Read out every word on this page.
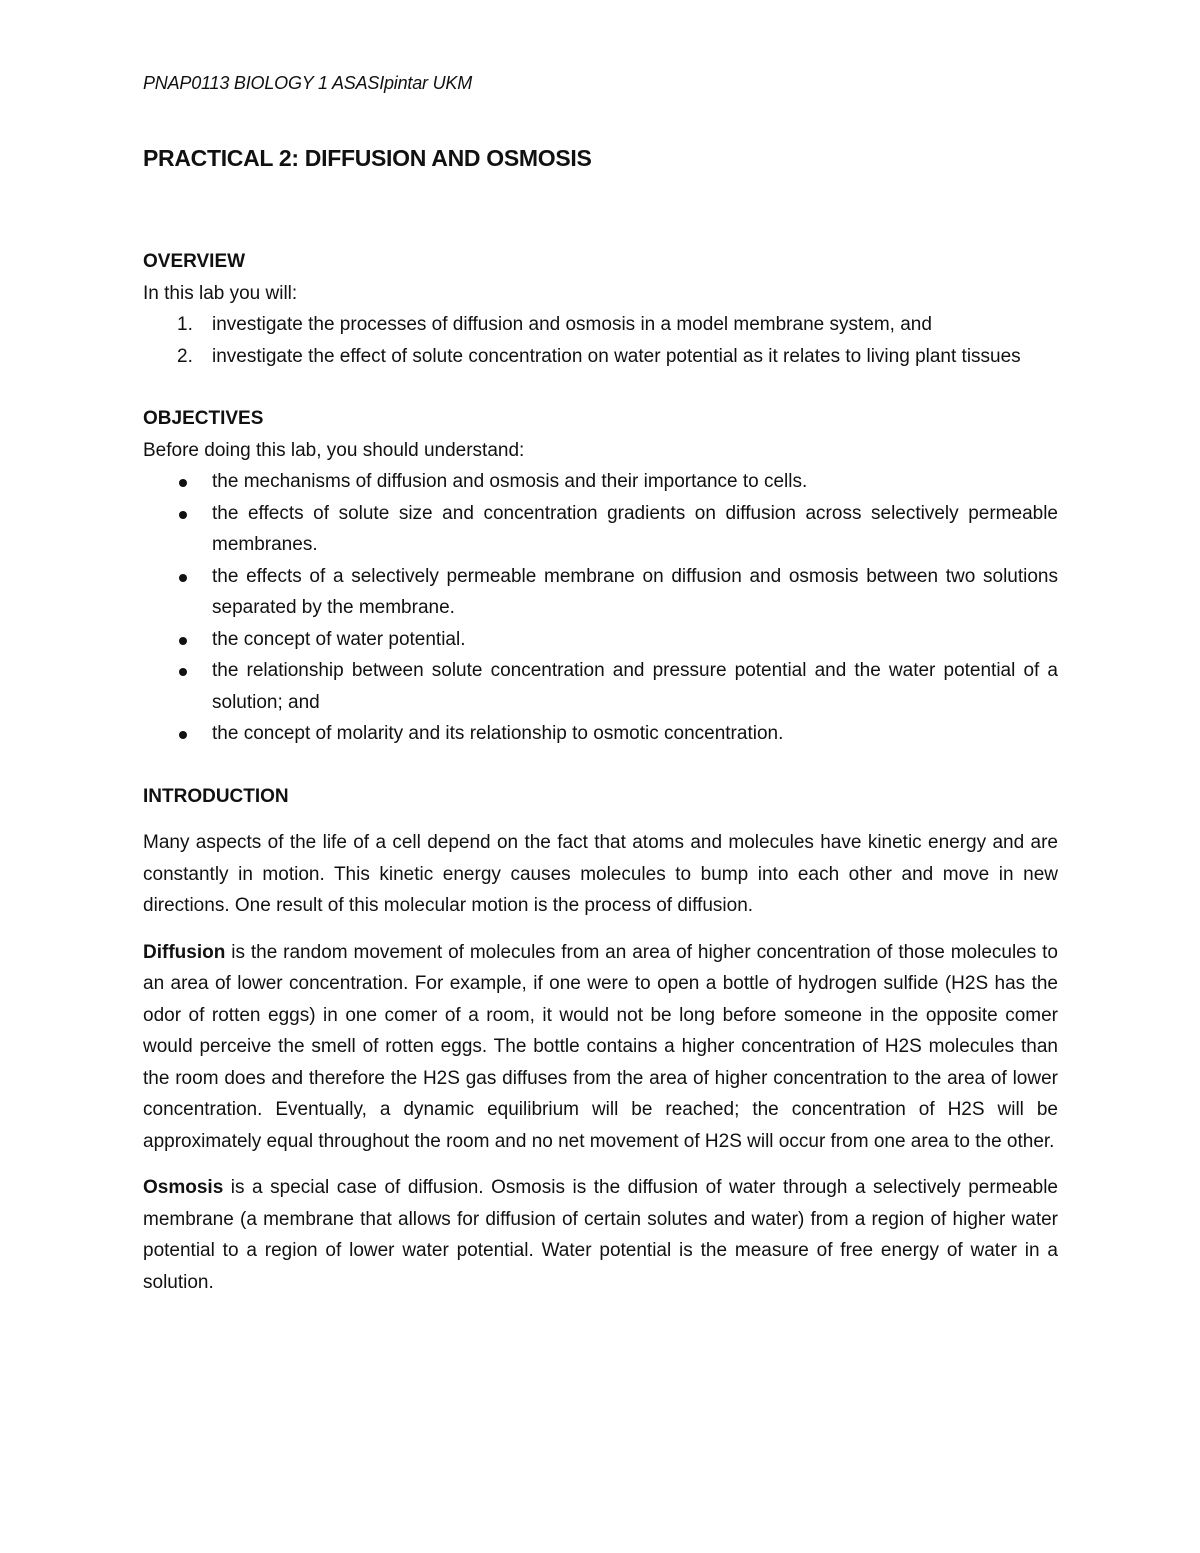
PNAP0113 BIOLOGY 1 ASASIpintar UKM
PRACTICAL 2: DIFFUSION AND OSMOSIS

OVERVIEW

In this lab you will:

1. investigate the processes of diffusion and osmosis in a model membrane system, and
2. investigate the effect of solute concentration on water potential as it relates to living plant tissues

OBJECTIVES

Before doing this lab, you should understand:

the mechanisms of diffusion and osmosis and their importance to cells.
the effects of solute size and concentration gradients on diffusion across selectively permeable membranes.
the effects of a selectively permeable membrane on diffusion and osmosis between two solutions separated by the membrane.
the concept of water potential.
the relationship between solute concentration and pressure potential and the water potential of a solution; and
the concept of molarity and its relationship to osmotic concentration.

INTRODUCTION

Many aspects of the life of a cell depend on the fact that atoms and molecules have kinetic energy and are constantly in motion. This kinetic energy causes molecules to bump into each other and move in new directions. One result of this molecular motion is the process of diffusion.

Diffusion is the random movement of molecules from an area of higher concentration of those molecules to an area of lower concentration. For example, if one were to open a bottle of hydrogen sulfide (H2S has the odor of rotten eggs) in one comer of a room, it would not be long before someone in the opposite comer would perceive the smell of rotten eggs. The bottle contains a higher concentration of H2S molecules than the room does and therefore the H2S gas diffuses from the area of higher concentration to the area of lower concentration. Eventually, a dynamic equilibrium will be reached; the concentration of H2S will be approximately equal throughout the room and no net movement of H2S will occur from one area to the other.

Osmosis is a special case of diffusion. Osmosis is the diffusion of water through a selectively permeable membrane (a membrane that allows for diffusion of certain solutes and water) from a region of higher water potential to a region of lower water potential. Water potential is the measure of free energy of water in a solution.
